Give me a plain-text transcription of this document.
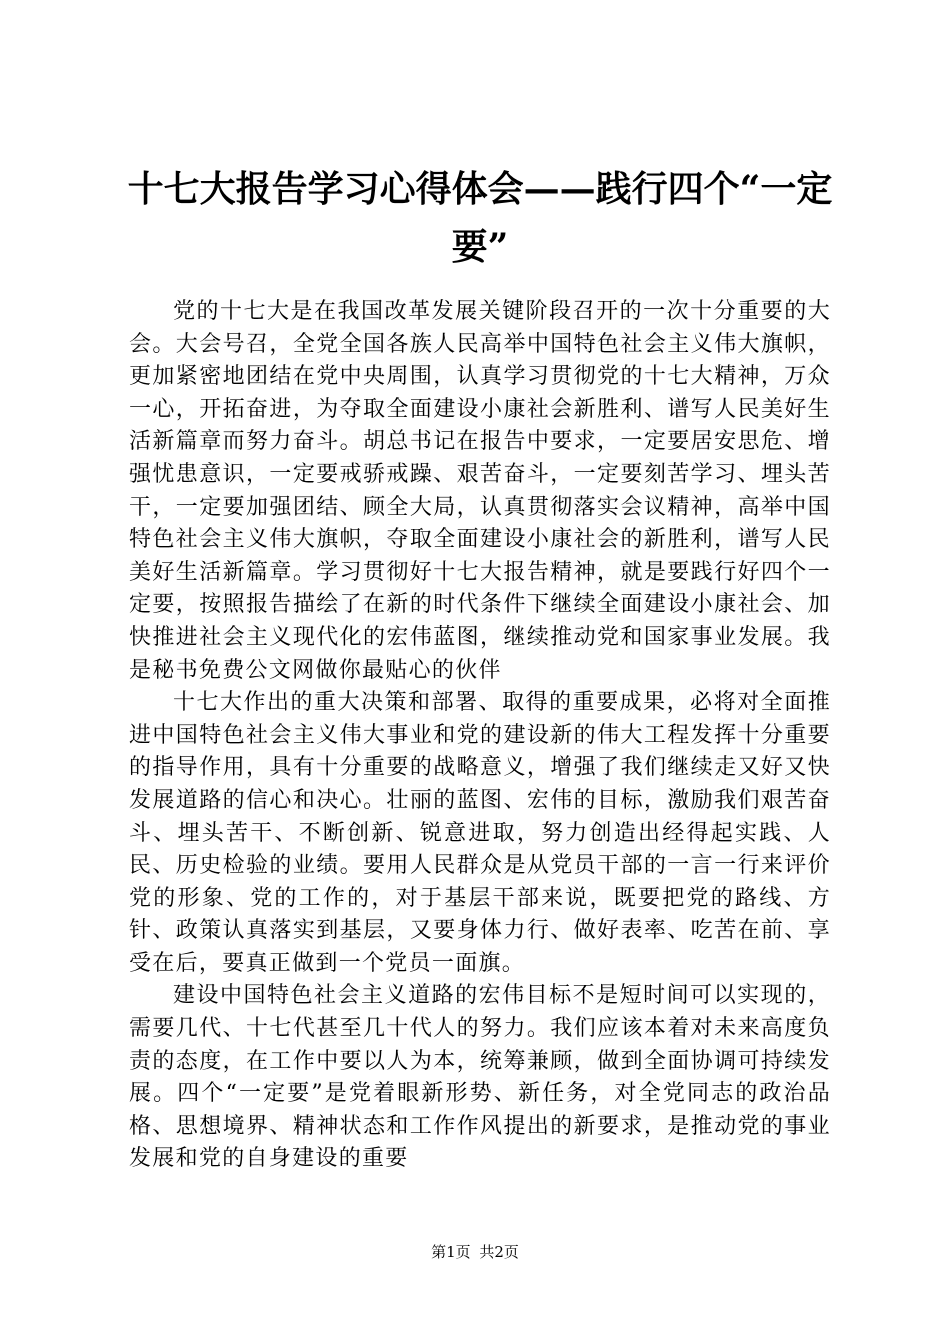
十七大报告学习心得体会——践行四个“一定要”

党的十七大是在我国改革发展关键阶段召开的一次十分重要的大会。大会号召，全党全国各族人民高举中国特色社会主义伟大旗帜，更加紧密地团结在党中央周围，认真学习贯彻党的十七大精神，万众一心，开拓奋进，为夺取全面建设小康社会新胜利、谱写人民美好生活新篇章而努力奋斗。胡总书记在报告中要求，一定要居安思危、增强忧患意识，一定要戒骄戒躁、艰苦奋斗，一定要刻苦学习、埋头苦干，一定要加强团结、顾全大局，认真贯彻落实会议精神，高举中国特色社会主义伟大旗帜，夺取全面建设小康社会的新胜利，谱写人民美好生活新篇章。学习贯彻好十七大报告精神，就是要践行好四个一定要，按照报告描绘了在新的时代条件下继续全面建设小康社会、加快推进社会主义现代化的宏伟蓝图，继续推动党和国家事业发展。我是秘书免费公文网做你最贴心的伙伴

十七大作出的重大决策和部署、取得的重要成果，必将对全面推进中国特色社会主义伟大事业和党的建设新的伟大工程发挥十分重要的指导作用，具有十分重要的战略意义，增强了我们继续走又好又快发展道路的信心和决心。壮丽的蓝图、宏伟的目标，激励我们艰苦奋斗、埋头苦干、不断创新、锐意进取，努力创造出经得起实践、人民、历史检验的业绩。要用人民群众是从党员干部的一言一行来评价党的形象、党的工作的，对于基层干部来说，既要把党的路线、方针、政策认真落实到基层，又要身体力行、做好表率、吃苦在前、享受在后，要真正做到一个党员一面旗。

建设中国特色社会主义道路的宏伟目标不是短时间可以实现的，需要几代、十七代甚至几十代人的努力。我们应该本着对未来高度负责的态度，在工作中要以人为本，统筹兼顾，做到全面协调可持续发展。四个“一定要”是党着眼新形势、新任务，对全党同志的政治品格、思想境界、精神状态和工作作风提出的新要求，是推动党的事业发展和党的自身建设的重要

第1页 共2页
